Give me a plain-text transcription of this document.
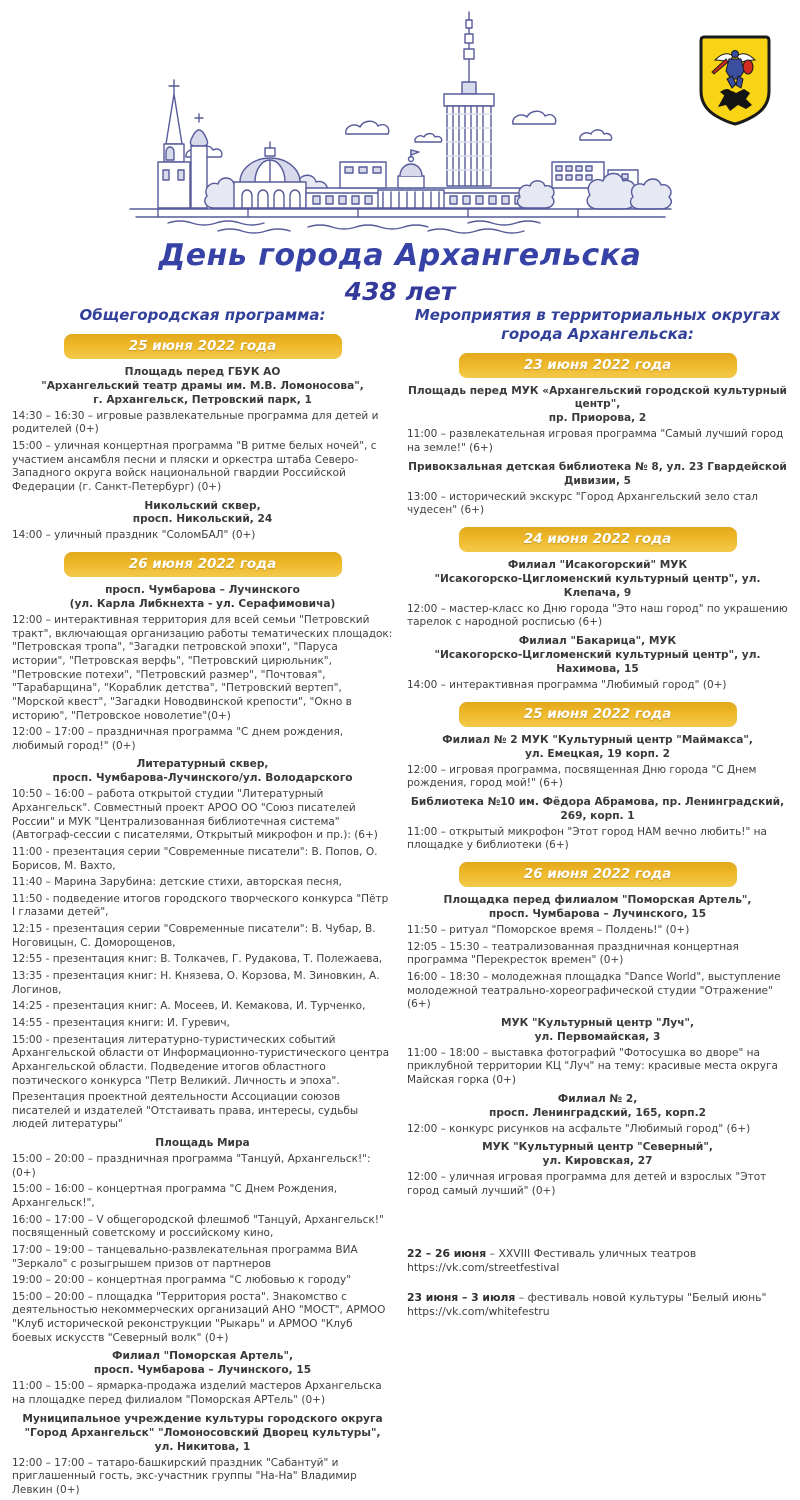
День города Архангельска
438 лет
Общегородская программа:
25 июня 2022 года
Площадь перед ГБУК АО
"Архангельский театр драмы им. М.В. Ломоносова",
г. Архангельск, Петровский парк, 1
14:30 – 16:30 – игровые развлекательные программа для детей и родителей (0+)
15:00 – уличная концертная программа "В ритме белых ночей", с участием ансамбля песни и пляски и оркестра штаба Северо-Западного округа войск национальной гвардии Российской Федерации (г. Санкт-Петербург) (0+)
Никольский сквер,
просп. Никольский, 24
14:00 – уличный праздник "СоломБАЛ" (0+)
26 июня 2022 года
просп. Чумбарова – Лучинского
(ул. Карла Либкнехта - ул. Серафимовича)
12:00 – интерактивная территория для всей семьи "Петровский тракт", включающая организацию работы тематических площадок: "Петровская тропа", "Загадки петровской эпохи", "Паруса истории", "Петровская верфь", "Петровский цирюльник", "Петровские потехи", "Петровский размер", "Почтовая", "Тарабарщина", "Кораблик детства", "Петровский вертеп", "Морской квест", "Загадки Новодвинской крепости", "Окно в историю", "Петровское новолетие"(0+)
12:00 – 17:00 – праздничная программа "С днем рождения, любимый город!" (0+)
Литературный сквер,
просп. Чумбарова-Лучинского/ул. Володарского
10:50 – 16:00 – работа открытой студии "Литературный Архангельск". Совместный проект АРОО ОО "Союз писателей России" и МУК "Централизованная библиотечная система" (Автограф-сессии с писателями, Открытый микрофон и пр.): (6+)
11:00 - презентация серии "Современные писатели": В. Попов, О. Борисов, М. Вахто,
11:40 – Марина Зарубина: детские стихи, авторская песня,
11:50 - подведение итогов городского творческого конкурса "Пётр I глазами детей",
12:15 - презентация серии "Современные писатели": В. Чубар, В. Ноговицын, С. Доморощенов,
12:55 - презентация книг: В. Толкачев, Г. Рудакова, Т. Полежаева,
13:35 - презентация книг: Н. Князева, О. Корзова, М. Зиновкин, А. Логинов,
14:25 - презентация книг: А. Мосеев, И. Кемакова, И. Турченко,
14:55 - презентация книги: И. Гуревич,
15:00 - презентация литературно-туристических событий Архангельской области от Информационно-туристического центра Архангельской области. Подведение итогов областного поэтического конкурса "Петр Великий. Личность и эпоха".
Презентация проектной деятельности Ассоциации союзов писателей и издателей "Отстаивать права, интересы, судьбы людей литературы"
Площадь Мира
15:00 – 20:00 – праздничная программа "Танцуй, Архангельск!": (0+)
15:00 – 16:00 – концертная программа "С Днем Рождения, Архангельск!",
16:00 – 17:00 – V общегородской флешмоб "Танцуй, Архангельск!" посвященный советскому и российскому кино,
17:00 – 19:00 – танцевально-развлекательная программа ВИА "Зеркало" с розыгрышем призов от партнеров
19:00 – 20:00 – концертная программа "С любовью к городу"
15:00 – 20:00 – площадка "Территория роста". Знакомство с деятельностью некоммерческих организаций АНО "МОСТ", АРМОО "Клуб исторической реконструкции "Рыкарь" и АРМОО "Клуб боевых искусств "Северный волк" (0+)
Филиал "Поморская Артель",
просп. Чумбарова – Лучинского, 15
11:00 – 15:00 – ярмарка-продажа изделий мастеров Архангельска на площадке перед филиалом "Поморская АРТель" (0+)
Муниципальное учреждение культуры городского округа
"Город Архангельск" "Ломоносовский Дворец культуры",
ул. Никитова, 1
12:00 – 17:00 – татаро-башкирский праздник "Сабантуй" и приглашенный гость, экс-участник группы "На-На" Владимир Левкин (0+)
Мероприятия в территориальных округах
города Архангельска:
23 июня 2022 года
Площадь перед МУК «Архангельский городской культурный центр",
пр. Приорова, 2
11:00 – развлекательная игровая программа "Самый лучший город на земле!" (6+)
Привокзальная детская библиотека № 8, ул. 23 Гвардейской Дивизии, 5
13:00 – исторический экскурс "Город Архангельский зело стал чудесен" (6+)
24 июня 2022 года
Филиал "Исакогорский" МУК
"Исакогорско-Цигломенский культурный центр", ул. Клепача, 9
12:00 – мастер-класс ко Дню города "Это наш город" по украшению тарелок с народной росписью (6+)
Филиал "Бакарица", МУК
"Исакогорско-Цигломенский культурный центр", ул. Нахимова, 15
14:00 – интерактивная программа "Любимый город" (0+)
25 июня 2022 года
Филиал № 2 МУК "Культурный центр "Маймакса",
ул. Емецкая, 19 корп. 2
12:00 – игровая программа, посвященная Дню города "С Днем рождения, город мой!" (6+)
Библиотека №10 им. Фёдора Абрамова, пр. Ленинградский, 269, корп. 1
11:00 – открытый микрофон "Этот город НАМ вечно любить!" на площадке у библиотеки (6+)
26 июня 2022 года
Площадка перед филиалом "Поморская Артель",
просп. Чумбарова – Лучинского, 15
11:50 – ритуал "Поморское время – Полдень!" (0+)
12:05 – 15:30 – театрализованная праздничная концертная программа "Перекресток времен" (0+)
16:00 – 18:30 – молодежная площадка "Dance World", выступление молодежной театрально-хореографической студии "Отражение"(6+)
МУК "Культурный центр "Луч",
ул. Первомайская, 3
11:00 – 18:00 – выставка фотографий "Фотосушка во дворе" на приклубной территории КЦ "Луч" на тему: красивые места округа Майская горка (0+)
Филиал № 2,
просп. Ленинградский, 165, корп.2
12:00 – конкурс рисунков на асфальте "Любимый город" (6+)
МУК "Культурный центр "Северный",
ул. Кировская, 27
12:00 – уличная игровая программа для детей и взрослых "Этот город самый лучший" (0+)
22 – 26 июня – XXVIII Фестиваль уличных театров https://vk.com/streetfestival
23 июня – 3 июля – фестиваль новой культуры "Белый июнь" https://vk.com/whitefestru
